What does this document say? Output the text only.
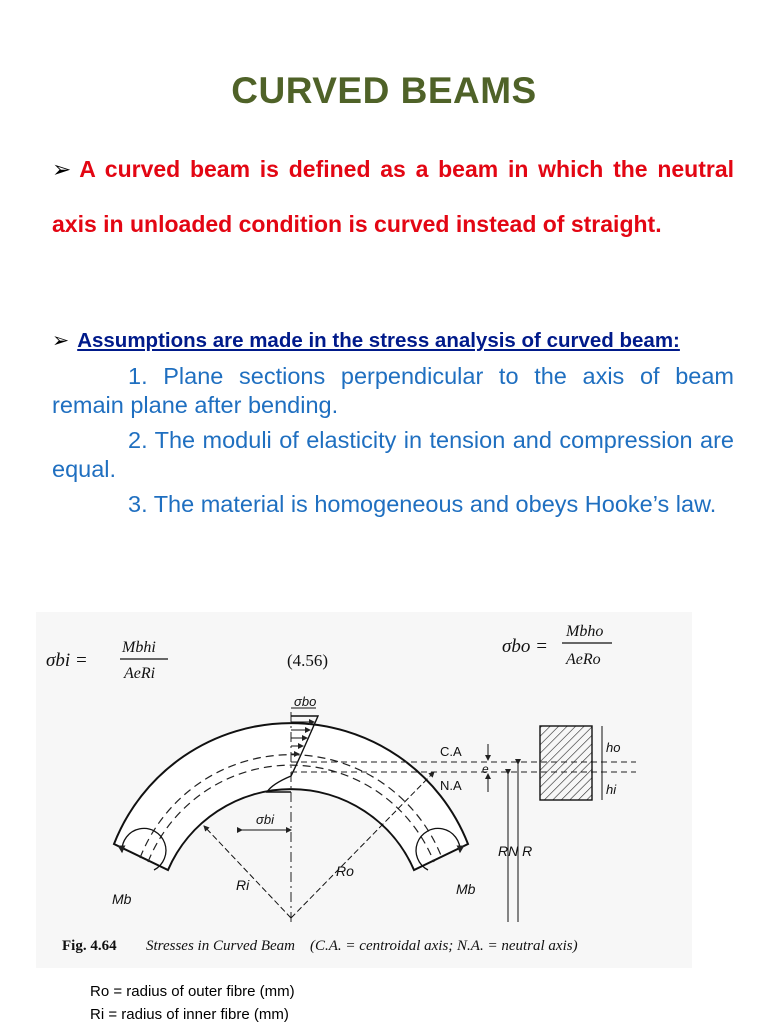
CURVED BEAMS
➢ A curved beam is defined as a beam in which the neutral axis in unloaded condition is curved instead of straight.
➢ Assumptions are made in the stress analysis of curved beam:
1. Plane sections perpendicular to the axis of beam remain plane after bending.
2. The moduli of elasticity in tension and compression are equal.
3. The material is homogeneous and obeys Hooke’s law.
σbi =
Mbhi
AeRi
(4.56)
σbo =
Mbho
AeRo
σbo
σbi
C.A
N.A
e
ho
hi
RN R
Ri
Ro
Mb
Mb
Fig. 4.64 Stresses in Curved Beam (C.A. = centroidal axis; N.A. = neutral axis)
Ro = radius of outer fibre (mm)
Ri = radius of inner fibre (mm)
